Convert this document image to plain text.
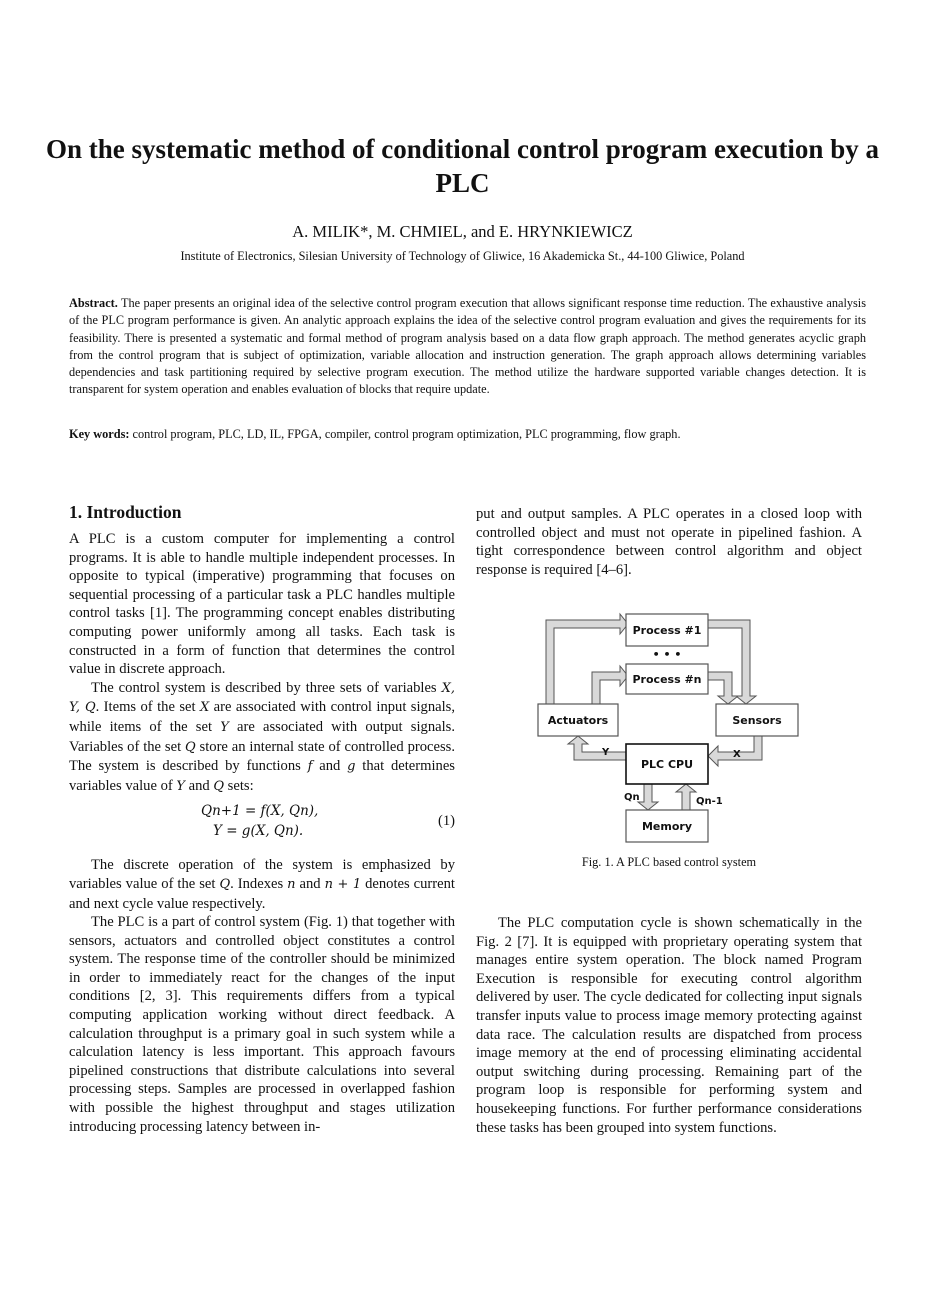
On the systematic method of conditional control program execution by a PLC
A. MILIK*, M. CHMIEL, and E. HRYNKIEWICZ
Institute of Electronics, Silesian University of Technology of Gliwice, 16 Akademicka St., 44-100 Gliwice, Poland
Abstract. The paper presents an original idea of the selective control program execution that allows significant response time reduction. The exhaustive analysis of the PLC program performance is given. An analytic approach explains the idea of the selective control program evaluation and gives the requirements for its feasibility. There is presented a systematic and formal method of program analysis based on a data flow graph approach. The method generates acyclic graph from the control program that is subject of optimization, variable allocation and instruction generation. The graph approach allows determining variables dependencies and task partitioning required by selective program execution. The method utilize the hardware supported variable changes detection. It is transparent for system operation and enables evaluation of blocks that require update.
Key words: control program, PLC, LD, IL, FPGA, compiler, control program optimization, PLC programming, flow graph.
1. Introduction

A PLC is a custom computer for implementing a control programs. It is able to handle multiple independent processes. In opposite to typical (imperative) programming that focuses on sequential processing of a particular task a PLC handles multiple control tasks [1]. The programming concept enables distributing computing power uniformly among all tasks. Each task is constructed in a form of function that determines the control value in discrete approach.

The control system is described by three sets of variables X, Y, Q. Items of the set X are associated with control input signals, while items of the set Y are associated with output signals. Variables of the set Q store an internal state of controlled process. The system is described by functions f and g that determines variables value of Y and Q sets:

Qn+1 = f(X, Qn),
Y = g(X, Qn).
(1)

The discrete operation of the system is emphasized by variables value of the set Q. Indexes n and n + 1 denotes current and next cycle value respectively.

The PLC is a part of control system (Fig. 1) that together with sensors, actuators and controlled object constitutes a control system. The response time of the controller should be minimized in order to immediately react for the changes of the input conditions [2, 3]. This requirements differs from a typical computing application working without direct feedback. A calculation throughput is a primary goal in such system while a calculation latency is less important. This approach favours pipelined constructions that distribute calculations into several processing steps. Samples are processed in overlapped fashion with possible the highest throughput and stages utilization introducing processing latency between in-

put and output samples. A PLC operates in a closed loop with controlled object and must not operate in pipelined fashion. A tight correspondence between control algorithm and object response is required [4–6].

Process #1
• • •
Process #n
Actuators	Sensors
PLC CPU
Memory
Y	X
Qn	Qn-1
Fig. 1. A PLC based control system

The PLC computation cycle is shown schematically in the Fig. 2 [7]. It is equipped with proprietary operating system that manages entire system operation. The block named Program Execution is responsible for executing control algorithm delivered by user. The cycle dedicated for collecting input signals transfer inputs value to process image memory protecting against data race. The calculation results are dispatched from process image memory at the end of processing eliminating accidental output switching during processing. Remaining part of the program loop is responsible for performing system and housekeeping functions. For further performance considerations these tasks has been grouped into system functions.
